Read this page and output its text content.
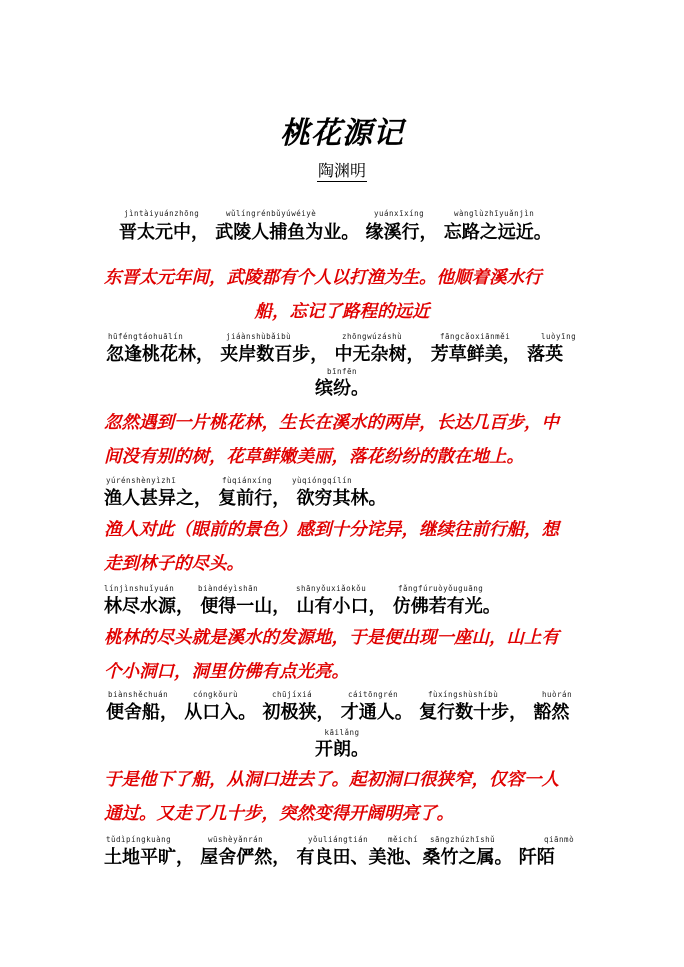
桃花源记
陶渊明
jìntàiyuánzhōng	wǔlíngrénbǔyúwéiyè	yuánxīxíng	wànglùzhīyuǎnjìn
晋太元中， 武陵人捕鱼为业。 缘溪行， 忘路之远近。
东晋太元年间，武陵郡有个人以打渔为生。他顺着溪水行
船，忘记了路程的远近
hūféngtáohuālín	jiáànshùbǎibù	zhōngwúzáshù	fāngcǎoxiānměi	luòyīng
忽逢桃花林， 夹岸数百步， 中无杂树， 芳草鲜美， 落英
bīnfēn
缤纷。
忽然遇到一片桃花林，生长在溪水的两岸，长达几百步，中
间没有别的树，花草鲜嫩美丽，落花纷纷的散在地上。
yúrénshènyìzhī	fùqiánxíng	yùqióngqílín
渔人甚异之， 复前行， 欲穷其林。
渔人对此（眼前的景色）感到十分诧异，继续往前行船，想
走到林子的尽头。
línjìnshuǐyuán	biàndéyìshān	shānyǒuxiǎokǒu	fǎngfúruòyǒuguāng
林尽水源， 便得一山， 山有小口， 仿佛若有光。
桃林的尽头就是溪水的发源地，于是便出现一座山，山上有
个小洞口，洞里仿佛有点光亮。
biànshěchuán	cóngkǒurù	chūjíxiá	cáitōngrén	fùxíngshùshíbù	huòrán
便舍船， 从口入。 初极狭， 才通人。 复行数十步， 豁然
kāilǎng
开朗。
于是他下了船，从洞口进去了。起初洞口很狭窄，仅容一人
通过。又走了几十步，突然变得开阔明亮了。
tǔdìpíngkuàng	wūshèyǎnrán	yǒuliángtián	měichí sāngzhúzhīshǔ	qiānmò
土地平旷， 屋舍俨然， 有良田、美池、桑竹之属。 阡陌
